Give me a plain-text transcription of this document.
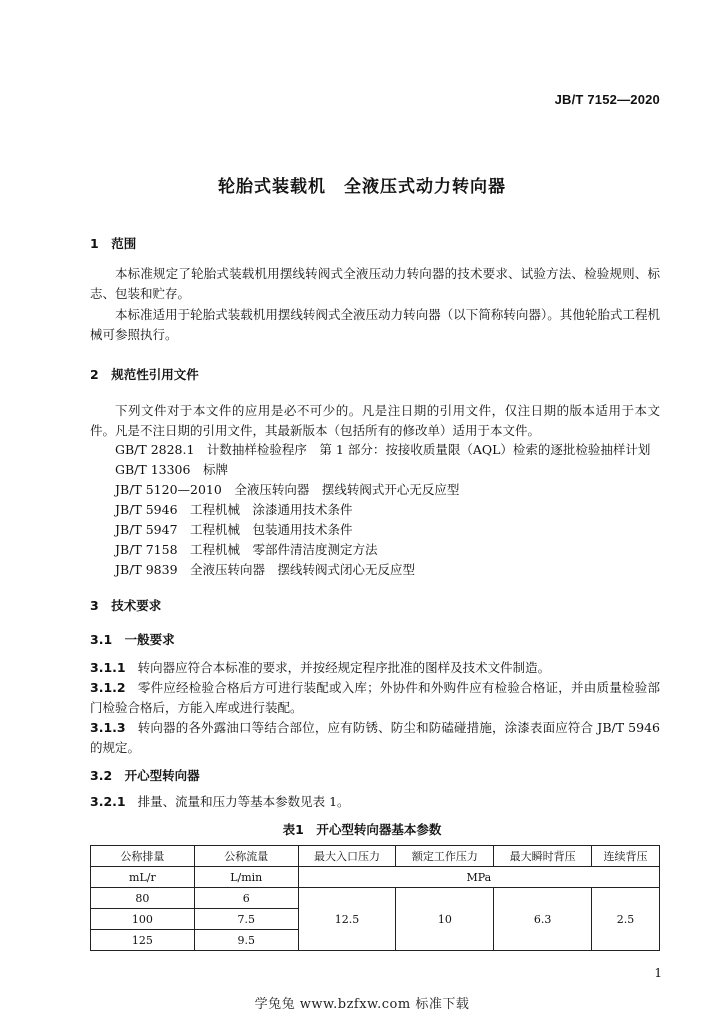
JB/T 7152—2020
轮胎式装载机　全液压式动力转向器
1　范围
本标准规定了轮胎式装载机用摆线转阀式全液压动力转向器的技术要求、试验方法、检验规则、标志、包装和贮存。
本标准适用于轮胎式装载机用摆线转阀式全液压动力转向器（以下简称转向器）。其他轮胎式工程机械可参照执行。
2　规范性引用文件
下列文件对于本文件的应用是必不可少的。凡是注日期的引用文件，仅注日期的版本适用于本文件。凡是不注日期的引用文件，其最新版本（包括所有的修改单）适用于本文件。
GB/T 2828.1　计数抽样检验程序　第 1 部分：按接收质量限（AQL）检索的逐批检验抽样计划
GB/T 13306　标牌
JB/T 5120—2010　全液压转向器　摆线转阀式开心无反应型
JB/T 5946　工程机械　涂漆通用技术条件
JB/T 5947　工程机械　包装通用技术条件
JB/T 7158　工程机械　零部件清洁度测定方法
JB/T 9839　全液压转向器　摆线转阀式闭心无反应型
3　技术要求
3.1　一般要求
3.1.1 转向器应符合本标准的要求，并按经规定程序批准的图样及技术文件制造。
3.1.2 零件应经检验合格后方可进行装配或入库；外协件和外购件应有检验合格证，并由质量检验部门检验合格后，方能入库或进行装配。
3.1.3 转向器的各外露油口等结合部位，应有防锈、防尘和防磕碰措施，涂漆表面应符合 JB/T 5946 的规定。
3.2　开心型转向器
3.2.1 排量、流量和压力等基本参数见表 1。
表1　开心型转向器基本参数
公称排量	公称流量	最大入口压力	额定工作压力	最大瞬时背压	连续背压
mL/r	L/min	MPa			
80	6	12.5	10	6.3	2.5
100	7.5				
125	9.5				
1
学兔兔 www.bzfxw.com 标准下载
